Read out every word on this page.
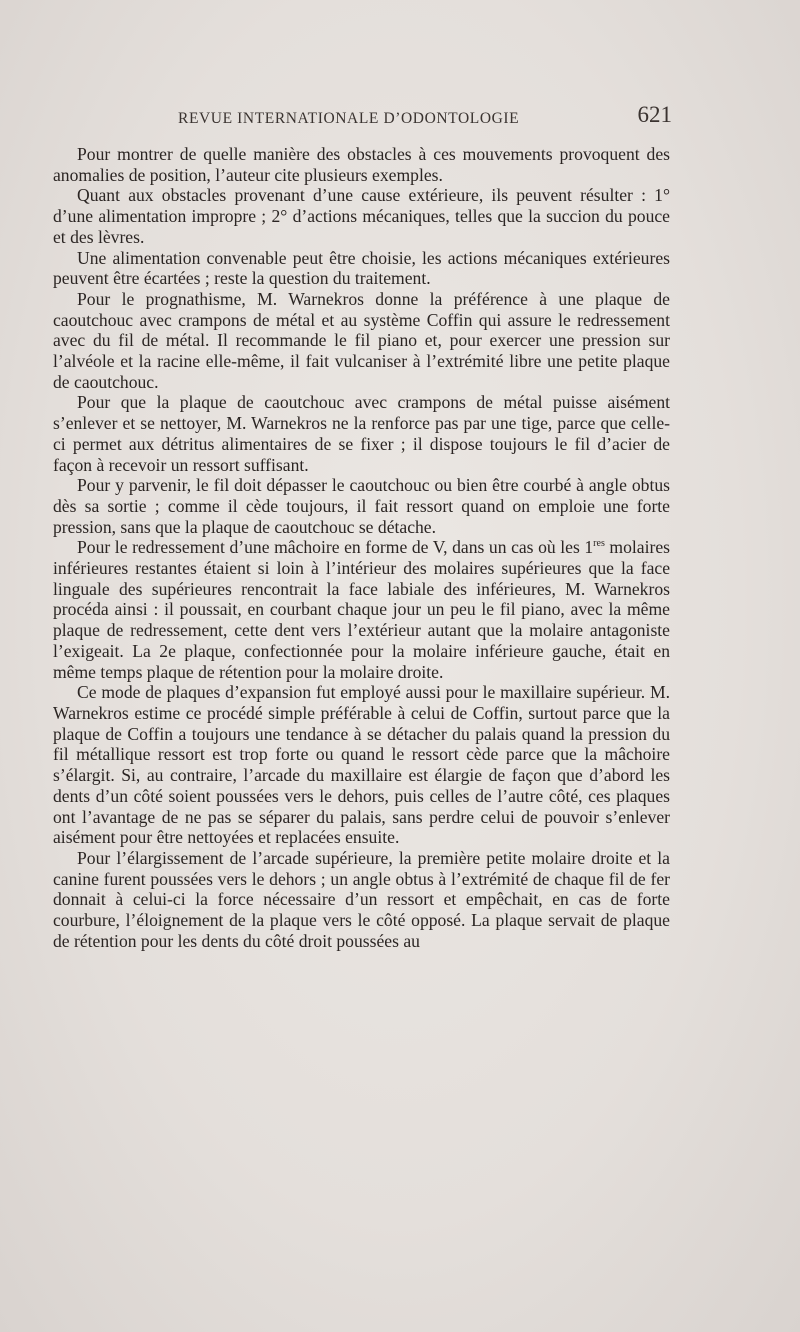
REVUE INTERNATIONALE D’ODONTOLOGIE	621

Pour montrer de quelle manière des obstacles à ces mouvements provoquent des anomalies de position, l’auteur cite plusieurs exemples.

Quant aux obstacles provenant d’une cause extérieure, ils peuvent résulter : 1° d’une alimentation impropre ; 2° d’actions mécaniques, telles que la succion du pouce et des lèvres.

Une alimentation convenable peut être choisie, les actions mécaniques extérieures peuvent être écartées ; reste la question du traitement.

Pour le prognathisme, M. Warnekros donne la préférence à une plaque de caoutchouc avec crampons de métal et au système Coffin qui assure le redressement avec du fil de métal. Il recommande le fil piano et, pour exercer une pression sur l’alvéole et la racine elle-même, il fait vulcaniser à l’extrémité libre une petite plaque de caoutchouc.

Pour que la plaque de caoutchouc avec crampons de métal puisse aisément s’enlever et se nettoyer, M. Warnekros ne la renforce pas par une tige, parce que celle-ci permet aux détritus alimentaires de se fixer ; il dispose toujours le fil d’acier de façon à recevoir un ressort suffisant.

Pour y parvenir, le fil doit dépasser le caoutchouc ou bien être courbé à angle obtus dès sa sortie ; comme il cède toujours, il fait ressort quand on emploie une forte pression, sans que la plaque de caoutchouc se détache.

Pour le redressement d’une mâchoire en forme de V, dans un cas où les 1res molaires inférieures restantes étaient si loin à l’intérieur des molaires supérieures que la face linguale des supérieures rencontrait la face labiale des inférieures, M. Warnekros procéda ainsi : il poussait, en courbant chaque jour un peu le fil piano, avec la même plaque de redressement, cette dent vers l’extérieur autant que la molaire antagoniste l’exigeait. La 2e plaque, confectionnée pour la molaire inférieure gauche, était en même temps plaque de rétention pour la molaire droite.

Ce mode de plaques d’expansion fut employé aussi pour le maxillaire supérieur. M. Warnekros estime ce procédé simple préférable à celui de Coffin, surtout parce que la plaque de Coffin a toujours une tendance à se détacher du palais quand la pression du fil métallique ressort est trop forte ou quand le ressort cède parce que la mâchoire s’élargit. Si, au contraire, l’arcade du maxillaire est élargie de façon que d’abord les dents d’un côté soient poussées vers le dehors, puis celles de l’autre côté, ces plaques ont l’avantage de ne pas se séparer du palais, sans perdre celui de pouvoir s’enlever aisément pour être nettoyées et replacées ensuite.

Pour l’élargissement de l’arcade supérieure, la première petite molaire droite et la canine furent poussées vers le dehors ; un angle obtus à l’extrémité de chaque fil de fer donnait à celui-ci la force nécessaire d’un ressort et empêchait, en cas de forte courbure, l’éloignement de la plaque vers le côté opposé. La plaque servait de plaque de rétention pour les dents du côté droit poussées au
